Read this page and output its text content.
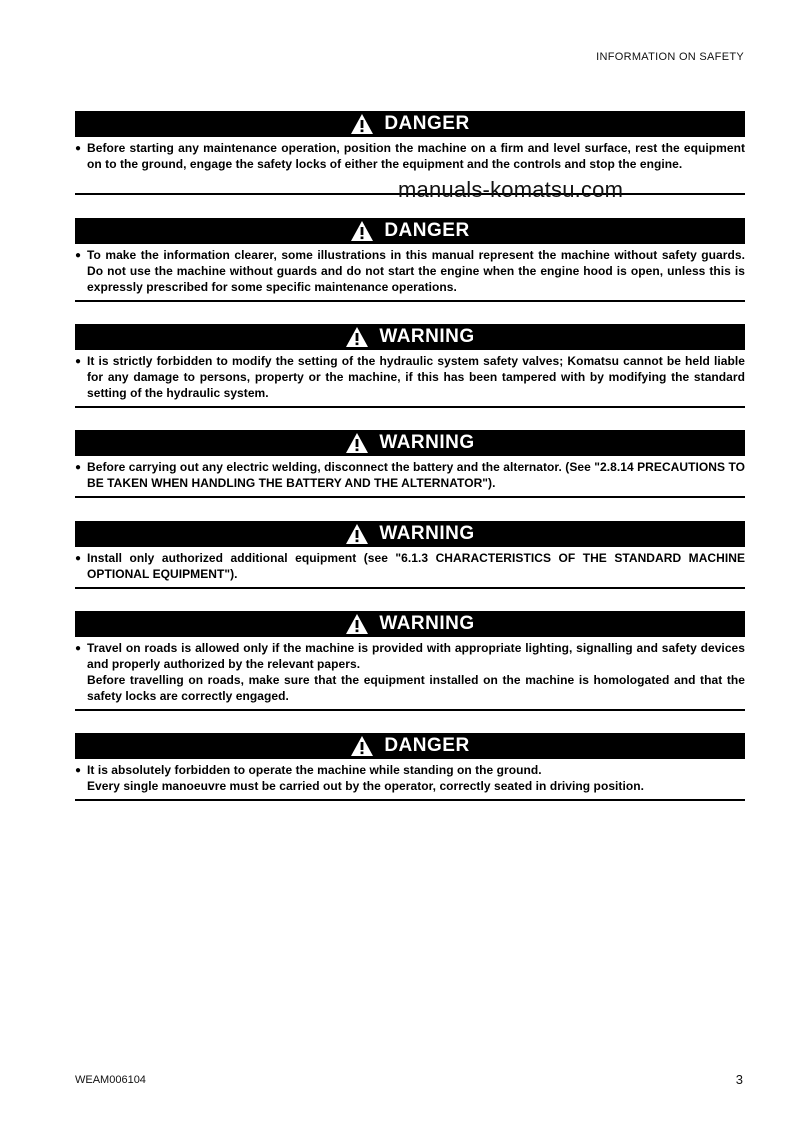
INFORMATION ON SAFETY
DANGER
● Before starting any maintenance operation, position the machine on a firm and level surface, rest the equipment on to the ground, engage the safety locks of either the equipment and the controls and stop the engine.

manuals-komatsu.com
DANGER
● To make the information clearer, some illustrations in this manual represent the machine without safety guards. Do not use the machine without guards and do not start the engine when the engine hood is open, unless this is expressly prescribed for some specific maintenance operations.

WARNING
● It is strictly forbidden to modify the setting of the hydraulic system safety valves; Komatsu cannot be held liable for any damage to persons, property or the machine, if this has been tampered with by modifying the standard setting of the hydraulic system.

WARNING
● Before carrying out any electric welding, disconnect the battery and the alternator. (See "2.8.14 PRECAUTIONS TO BE TAKEN WHEN HANDLING THE BATTERY AND THE ALTERNATOR").

WARNING
● Install only authorized additional equipment (see "6.1.3 CHARACTERISTICS OF THE STANDARD MACHINE OPTIONAL EQUIPMENT").

WARNING
● Travel on roads is allowed only if the machine is provided with appropriate lighting, signalling and safety devices and properly authorized by the relevant papers.

Before travelling on roads, make sure that the equipment installed on the machine is homologated and that the safety locks are correctly engaged.

DANGER
● It is absolutely forbidden to operate the machine while standing on the ground.

Every single manoeuvre must be carried out by the operator, correctly seated in driving position.

WEAM006104	3
